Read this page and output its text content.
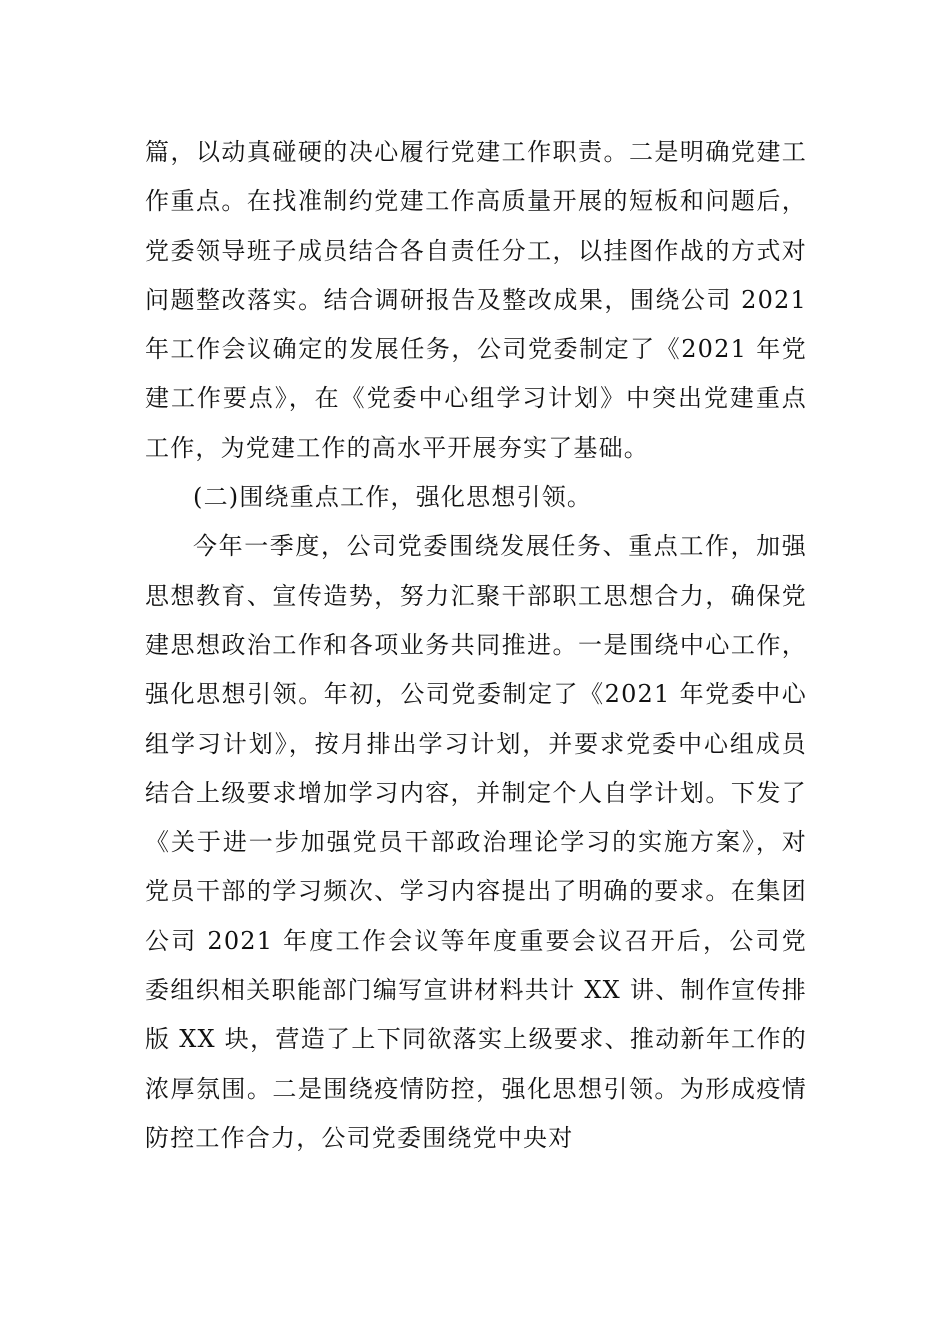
篇，以动真碰硬的决心履行党建工作职责。二是明确党建工作重点。在找准制约党建工作高质量开展的短板和问题后，党委领导班子成员结合各自责任分工，以挂图作战的方式对问题整改落实。结合调研报告及整改成果，围绕公司 2021 年工作会议确定的发展任务，公司党委制定了《2021 年党建工作要点》，在《党委中心组学习计划》中突出党建重点工作，为党建工作的高水平开展夯实了基础。

(二)围绕重点工作，强化思想引领。

今年一季度，公司党委围绕发展任务、重点工作，加强思想教育、宣传造势，努力汇聚干部职工思想合力，确保党建思想政治工作和各项业务共同推进。一是围绕中心工作，强化思想引领。年初，公司党委制定了《2021 年党委中心组学习计划》，按月排出学习计划，并要求党委中心组成员结合上级要求增加学习内容，并制定个人自学计划。下发了《关于进一步加强党员干部政治理论学习的实施方案》，对党员干部的学习频次、学习内容提出了明确的要求。在集团公司 2021 年度工作会议等年度重要会议召开后，公司党委组织相关职能部门编写宣讲材料共计 XX 讲、制作宣传排版 XX 块，营造了上下同欲落实上级要求、推动新年工作的浓厚氛围。二是围绕疫情防控，强化思想引领。为形成疫情防控工作合力，公司党委围绕党中央对
